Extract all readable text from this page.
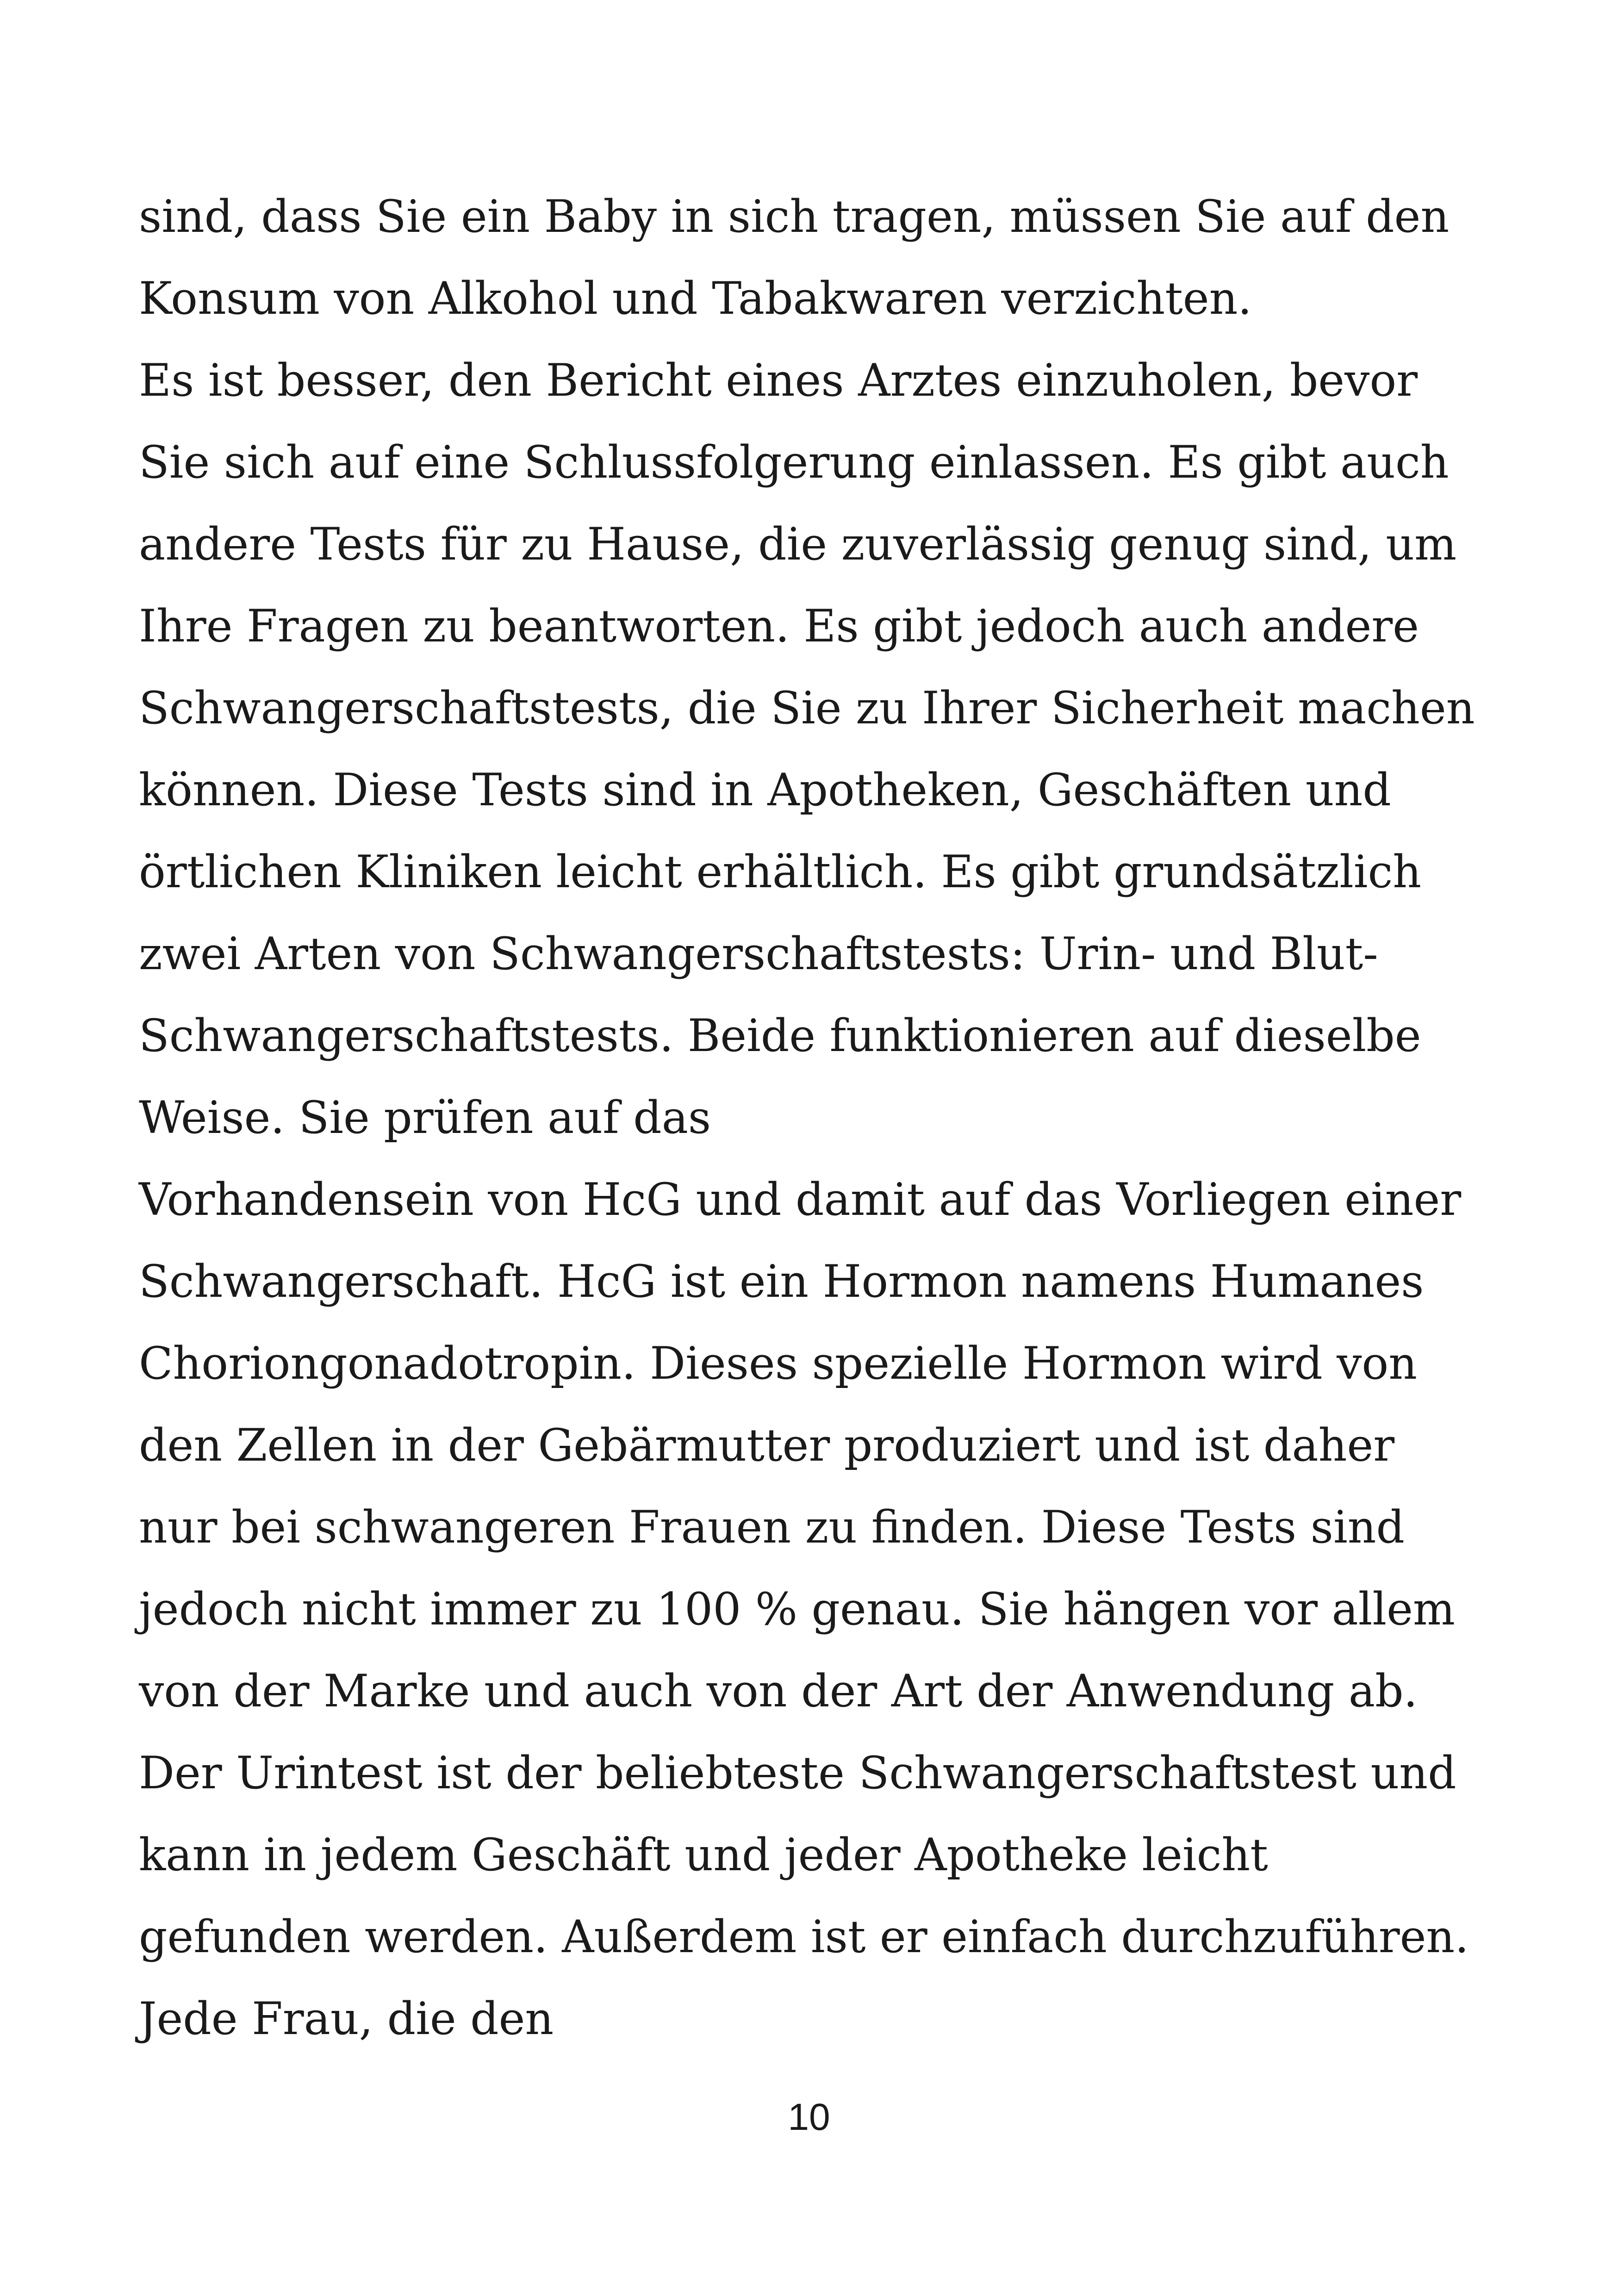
sind, dass Sie ein Baby in sich tragen, müssen Sie auf den
Konsum von Alkohol und Tabakwaren verzichten.
Es ist besser, den Bericht eines Arztes einzuholen, bevor
Sie sich auf eine Schlussfolgerung einlassen. Es gibt auch
andere Tests für zu Hause, die zuverlässig genug sind, um
Ihre Fragen zu beantworten. Es gibt jedoch auch andere
Schwangerschaftstests, die Sie zu Ihrer Sicherheit machen
können. Diese Tests sind in Apotheken, Geschäften und
örtlichen Kliniken leicht erhältlich. Es gibt grundsätzlich
zwei Arten von Schwangerschaftstests: Urin- und Blut-
Schwangerschaftstests. Beide funktionieren auf dieselbe
Weise. Sie prüfen auf das
Vorhandensein von HcG und damit auf das Vorliegen einer
Schwangerschaft. HcG ist ein Hormon namens Humanes
Choriongonadotropin. Dieses spezielle Hormon wird von
den Zellen in der Gebärmutter produziert und ist daher
nur bei schwangeren Frauen zu finden. Diese Tests sind
jedoch nicht immer zu 100 % genau. Sie hängen vor allem
von der Marke und auch von der Art der Anwendung ab.
Der Urintest ist der beliebteste Schwangerschaftstest und
kann in jedem Geschäft und jeder Apotheke leicht
gefunden werden. Außerdem ist er einfach durchzuführen.
Jede Frau, die den
10
